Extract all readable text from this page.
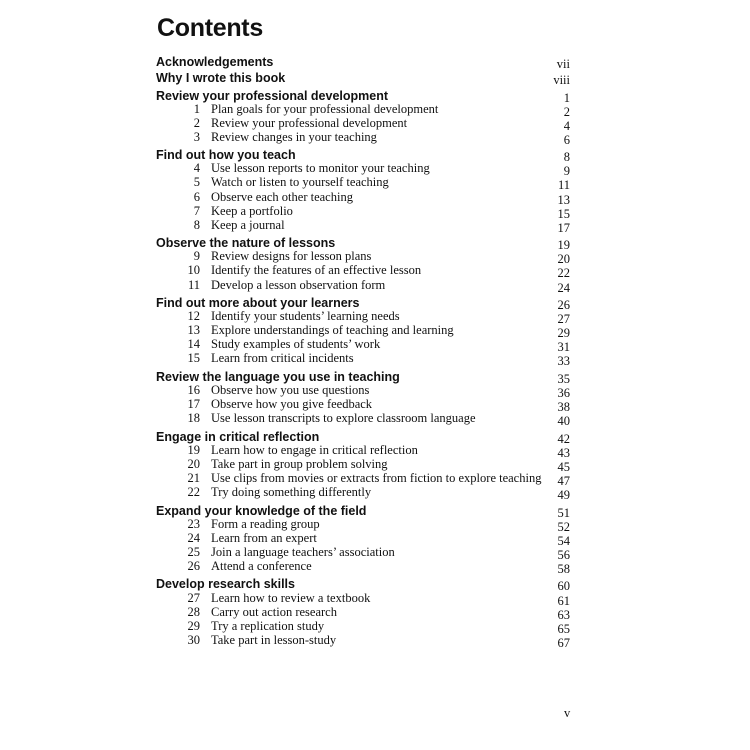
Contents
Acknowledgements	vii
Why I wrote this book	viii
Review your professional development	1
1 Plan goals for your professional development	2
2 Review your professional development	4
3 Review changes in your teaching	6
Find out how you teach	8
4 Use lesson reports to monitor your teaching	9
5 Watch or listen to yourself teaching	11
6 Observe each other teaching	13
7 Keep a portfolio	15
8 Keep a journal	17
Observe the nature of lessons	19
9 Review designs for lesson plans	20
10 Identify the features of an effective lesson	22
11 Develop a lesson observation form	24
Find out more about your learners	26
12 Identify your students’ learning needs	27
13 Explore understandings of teaching and learning	29
14 Study examples of students’ work	31
15 Learn from critical incidents	33
Review the language you use in teaching	35
16 Observe how you use questions	36
17 Observe how you give feedback	38
18 Use lesson transcripts to explore classroom language	40
Engage in critical reflection	42
19 Learn how to engage in critical reflection	43
20 Take part in group problem solving	45
21 Use clips from movies or extracts from fiction to explore teaching 47
22 Try doing something differently	49
Expand your knowledge of the field	51
23 Form a reading group	52
24 Learn from an expert	54
25 Join a language teachers’ association	56
26 Attend a conference	58
Develop research skills	60
27 Learn how to review a textbook	61
28 Carry out action research	63
29 Try a replication study	65
30 Take part in lesson-study	67
v
